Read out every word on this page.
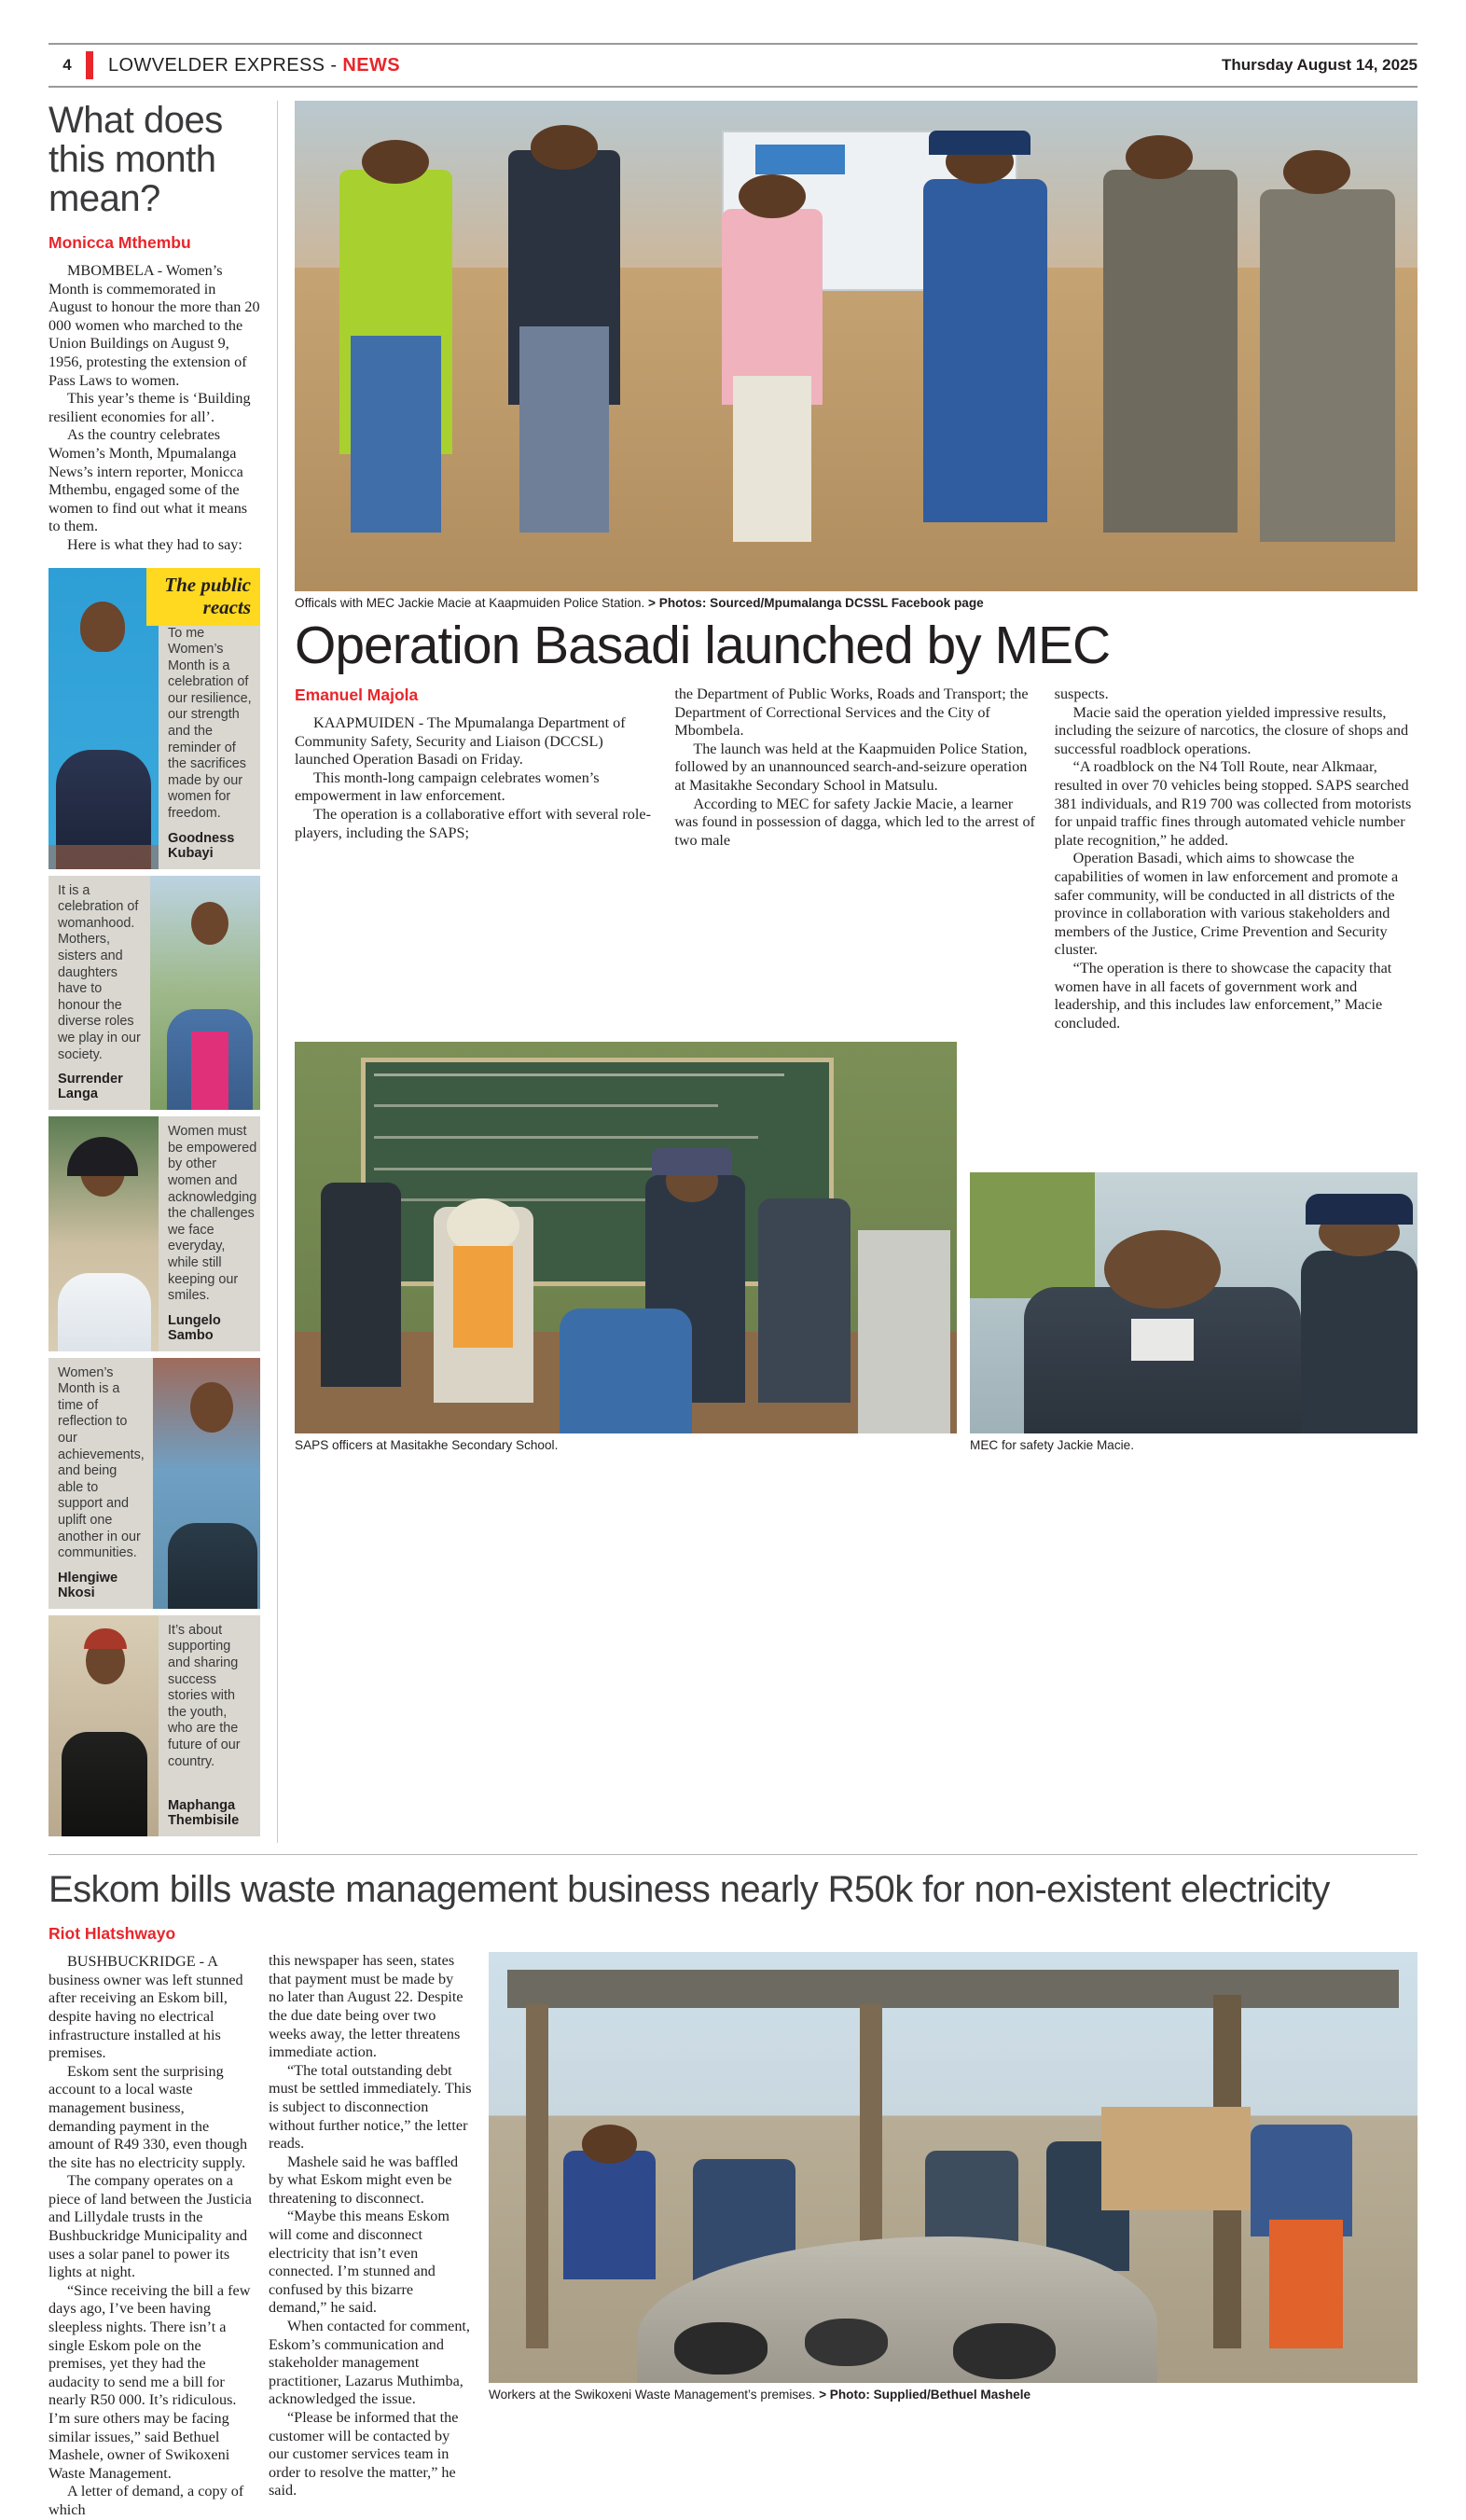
4	LOWVELDER EXPRESS - NEWS	Thursday August 14, 2025
What does this month mean?
Monicca Mthembu

MBOMBELA - Women’s Month is commemorated in August to honour the more than 20 000 women who marched to the Union Buildings on August 9, 1956, protesting the extension of Pass Laws to women.

This year’s theme is ‘Building resilient economies for all’.

As the country celebrates Women’s Month, Mpumalanga News’s intern reporter, Monicca Mthembu, engaged some of the women to find out what it means to them.

Here is what they had to say:

The public reacts

To me Women’s Month is a celebration of our resilience, our strength and the reminder of the sacrifices made by our women for freedom.

Goodness Kubayi

It is a celebration of womanhood. Mothers, sisters and daughters have to honour the diverse roles we play in our society.

Surrender Langa

Women must be empowered by other women and acknowledging the challenges we face everyday, while still keeping our smiles.

Lungelo Sambo

Women’s Month is a time of reflection to our achievements, and being able to support and uplift one another in our communities.

Hlengiwe Nkosi

It’s about supporting and sharing success stories with the youth, who are the future of our country.

Maphanga Thembisile
Officals with MEC Jackie Macie at Kaapmuiden Police Station. > Photos: Sourced/Mpumalanga DCSSL Facebook page
Operation Basadi launched by MEC
Emanuel Majola

KAAPMUIDEN - The Mpumalanga Department of Community Safety, Security and Liaison (DCCSL) launched Operation Basadi on Friday.

This month-long campaign celebrates women’s empowerment in law enforcement.

The operation is a collaborative effort with several role-players, including the SAPS;

the Department of Public Works, Roads and Transport; the Department of Correctional Services and the City of Mbombela.

The launch was held at the Kaapmuiden Police Station, followed by an unannounced search-and-seizure operation at Masitakhe Secondary School in Matsulu.

According to MEC for safety Jackie Macie, a learner was found in possession of dagga, which led to the arrest of two male

suspects.

Macie said the operation yielded impressive results, including the seizure of narcotics, the closure of shops and successful roadblock operations.

“A roadblock on the N4 Toll Route, near Alkmaar, resulted in over 70 vehicles being stopped. SAPS searched 381 individuals, and R19 700 was collected from motorists for unpaid traffic fines through automated vehicle number plate recognition,” he added.

Operation Basadi, which aims to showcase the capabilities of women in law enforcement and promote a safer community, will be conducted in all districts of the province in collaboration with various stakeholders and members of the Justice, Crime Prevention and Security cluster.

“The operation is there to showcase the capacity that women have in all facets of government work and leadership, and this includes law enforcement,” Macie concluded.

SAPS officers at Masitakhe Secondary School.	MEC for safety Jackie Macie.
Eskom bills waste management business nearly R50k for non-existent electricity
Riot Hlatshwayo

BUSHBUCKRIDGE - A business owner was left stunned after receiving an Eskom bill, despite having no electrical infrastructure installed at his premises.

Eskom sent the surprising account to a local waste management business, demanding payment in the amount of R49 330, even though the site has no electricity supply.

The company operates on a piece of land between the Justicia and Lillydale trusts in the Bushbuckridge Municipality and uses a solar panel to power its lights at night.

“Since receiving the bill a few days ago, I’ve been having sleepless nights. There isn’t a single Eskom pole on the premises, yet they had the audacity to send me a bill for nearly R50 000. It’s ridiculous. I’m sure others may be facing similar issues,” said Bethuel Mashele, owner of Swikoxeni Waste Management.

A letter of demand, a copy of which

this newspaper has seen, states that payment must be made by no later than August 22. Despite the due date being over two weeks away, the letter threatens immediate action.

“The total outstanding debt must be settled immediately. This is subject to disconnection without further notice,” the letter reads.

Mashele said he was baffled by what Eskom might even be threatening to disconnect.

“Maybe this means Eskom will come and disconnect electricity that isn’t even connected. I’m stunned and confused by this bizarre demand,” he said.

When contacted for comment, Eskom’s communication and stakeholder management practitioner, Lazarus Muthimba, acknowledged the issue.

“Please be informed that the customer will be contacted by our customer services team in order to resolve the matter,” he said.

Workers at the Swikoxeni Waste Management’s premises. > Photo: Supplied/Bethuel Mashele
